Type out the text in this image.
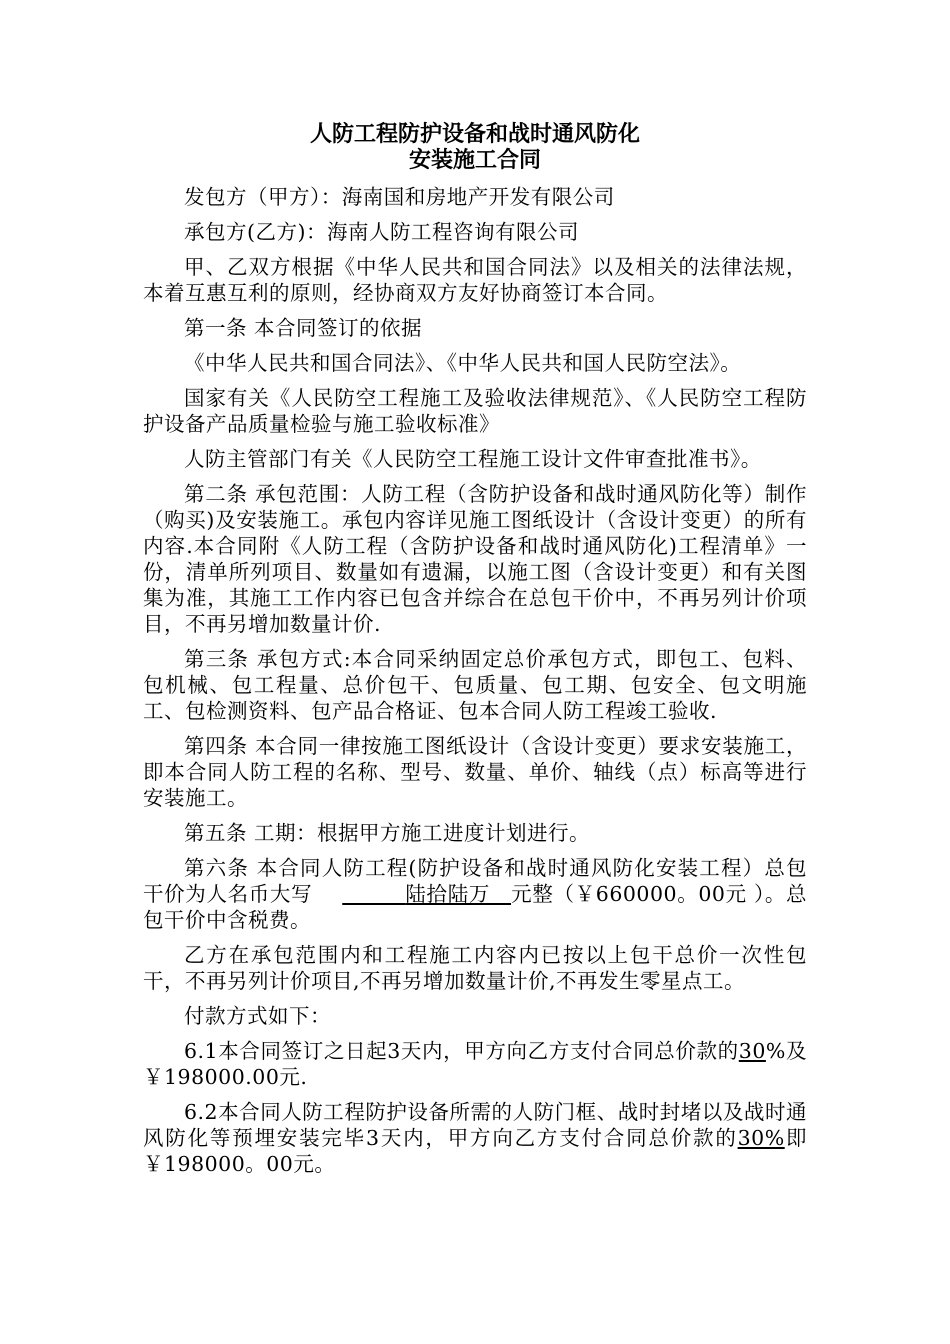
人防工程防护设备和战时通风防化
安装施工合同

发包方（甲方）：海南国和房地产开发有限公司

承包方(乙方)：海南人防工程咨询有限公司

甲、乙双方根据《中华人民共和国合同法》以及相关的法律法规，本着互惠互利的原则，经协商双方友好协商签订本合同。

第一条 本合同签订的依据

《中华人民共和国合同法》、《中华人民共和国人民防空法》。

国家有关《人民防空工程施工及验收法律规范》、《人民防空工程防护设备产品质量检验与施工验收标准》

人防主管部门有关《人民防空工程施工设计文件审查批准书》。

第二条 承包范围：人防工程（含防护设备和战时通风防化等）制作（购买)及安装施工。承包内容详见施工图纸设计（含设计变更）的所有内容.本合同附《人防工程（含防护设备和战时通风防化)工程清单》一份，清单所列项目、数量如有遗漏，以施工图（含设计变更）和有关图集为准，其施工工作内容已包含并综合在总包干价中，不再另列计价项目，不再另增加数量计价.

第三条 承包方式:本合同采纳固定总价承包方式，即包工、包料、包机械、包工程量、总价包干、包质量、包工期、包安全、包文明施工、包检测资料、包产品合格证、包本合同人防工程竣工验收.

第四条 本合同一律按施工图纸设计（含设计变更）要求安装施工，即本合同人防工程的名称、型号、数量、单价、轴线（点）标高等进行安装施工。

第五条 工期：根据甲方施工进度计划进行。

第六条 本合同人防工程(防护设备和战时通风防化安装工程）总包干价为人名币大写   	陆拾陆万  元整（￥660000。00元 ）。总包干价中含税费。

乙方在承包范围内和工程施工内容内已按以上包干总价一次性包干，不再另列计价项目,不再另增加数量计价,不再发生零星点工。

付款方式如下：

6.1本合同签订之日起3天内，甲方向乙方支付合同总价款的30%及￥198000.00元.

6.2本合同人防工程防护设备所需的人防门框、战时封堵以及战时通风防化等预埋安装完毕3天内，甲方向乙方支付合同总价款的30%即￥198000。00元。
